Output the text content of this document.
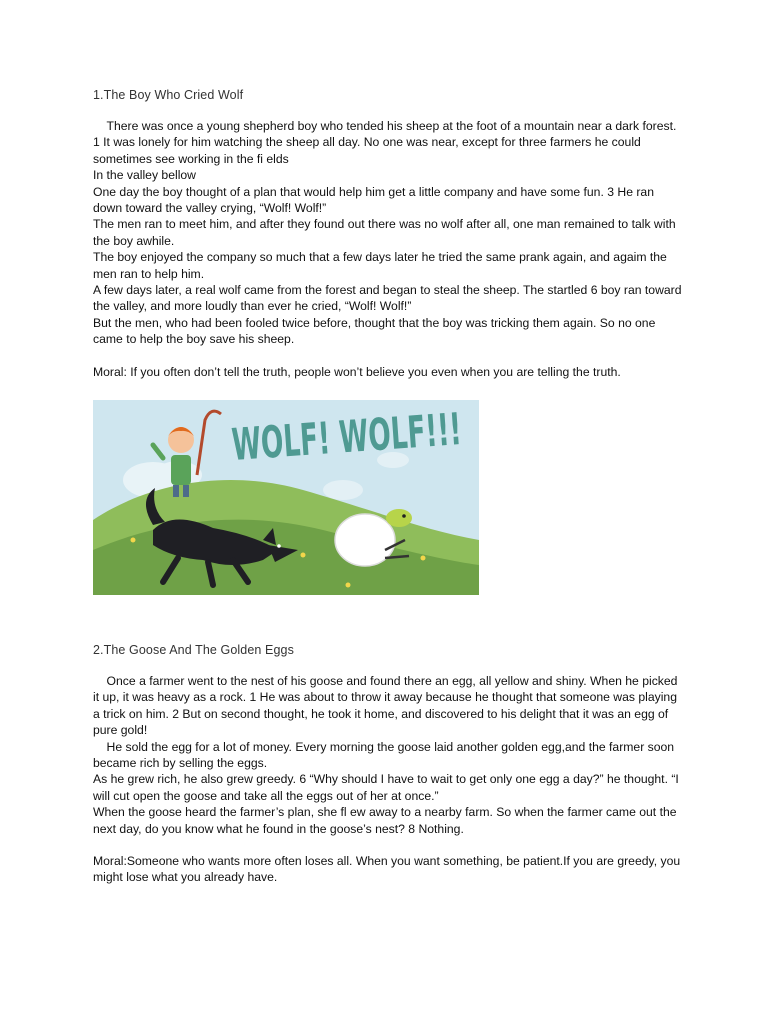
1.The Boy Who Cried Wolf

There was once a young shepherd boy who tended his sheep at the foot of a mountain near a dark forest. 1 It was lonely for him watching the sheep all day. No one was near, except for three farmers he could sometimes see working in the fi elds

In the valley bellow

One day the boy thought of a plan that would help him get a little company and have some fun. 3 He ran down toward the valley crying, “Wolf! Wolf!”

The men ran to meet him, and after they found out there was no wolf after all, one man remained to talk with the boy awhile.

The boy enjoyed the company so much that a few days later he tried the same prank again, and agaim the men ran to help him.

A few days later, a real wolf came from the forest and began to steal the sheep. The startled 6 boy ran toward the valley, and more loudly than ever he cried, “Wolf! Wolf!”

But the men, who had been fooled twice before, thought that the boy was tricking them again. So no one came to help the boy save his sheep.

Moral: If you often don’t tell the truth, people won’t believe you even when you are telling the truth.

WOLF! WOLF!!!
2.The Goose And The Golden Eggs

Once a farmer went to the nest of his goose and found there an egg, all yellow and shiny. When he picked it up, it was heavy as a rock. 1 He was about to throw it away because he thought that someone was playing a trick on him. 2 But on second thought, he took it home, and discovered to his delight that it was an egg of pure gold!

He sold the egg for a lot of money. Every morning the goose laid another golden egg,and the farmer soon became rich by selling the eggs.

As he grew rich, he also grew greedy. 6 “Why should I have to wait to get only one egg a day?” he thought. “I will cut open the goose and take all the eggs out of her at once.”

When the goose heard the farmer’s plan, she fl ew away to a nearby farm. So when the farmer came out the next day, do you know what he found in the goose’s nest? 8 Nothing.

Moral:Someone who wants more often loses all. When you want something, be patient.If you are greedy, you might lose what you already have.
